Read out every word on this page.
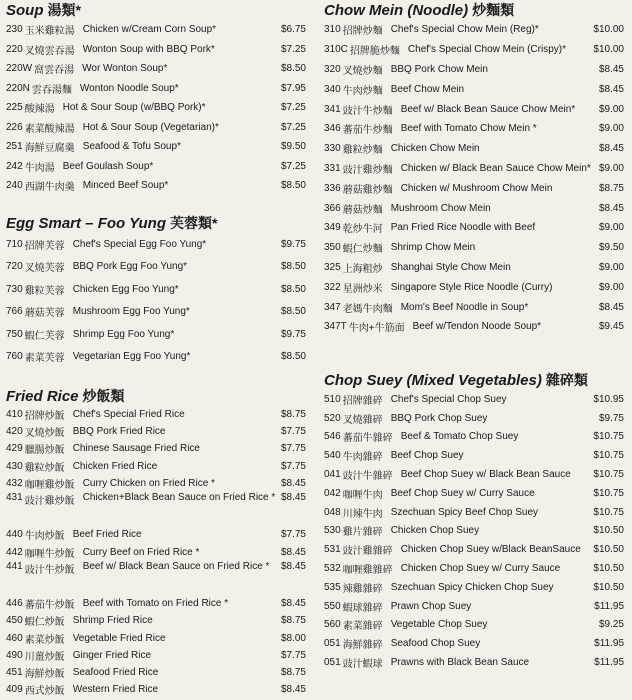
Soup 湯類*
230 玉米雞粒湯 Chicken w/Cream Corn Soup*	$6.75
220 叉燒雲吞湯 Wonton Soup with BBQ Pork*	$7.25
220W 窩雲吞湯 Wor Wonton Soup*	$8.50
220N 雲吞湯麵 Wonton Noodle Soup*	$7.95
225 酸辣湯 Hot & Sour Soup (w/BBQ Pork)*	$7.25
226 素菜酸辣湯 Hot & Sour Soup (Vegetarian)*	$7.25
251 海鮮豆腐羹 Seafood & Tofu Soup*	$9.50
242 牛肉湯 Beef Goulash Soup*	$7.25
240 西湖牛肉羹 Minced Beef Soup*	$8.50
Egg Smart – Foo Yung 芙蓉類*
710 招牌芙蓉 Chef's Special Egg Foo Yung*	$9.75
720 叉燒芙蓉 BBQ Pork Egg Foo Yung*	$8.50
730 雞粒芙蓉 Chicken Egg Foo Yung*	$8.50
766 蘑菇芙蓉 Mushroom Egg Foo Yung*	$8.50
750 蝦仁芙蓉 Shrimp Egg Foo Yung*	$9.75
760 素菜芙蓉 Vegetarian Egg Foo Yung*	$8.50
Fried Rice 炒飯類
410 招牌炒飯 Chef's Special Fried Rice	$8.75
420 叉燒炒飯 BBQ Pork Fried Rice	$7.75
429 臘腸炒飯 Chinese Sausage Fried Rice	$7.75
430 雞粒炒飯 Chicken Fried Rice	$7.75
432 咖喱雞炒飯 Curry Chicken on Fried Rice *	$8.45
431 豉汁雞炒飯 Chicken+Black Bean Sauce on Fried Rice * $8.45
440 牛肉炒飯 Beef Fried Rice	$7.75
442 咖喱牛炒飯 Curry Beef on Fried Rice *	$8.45
441 豉汁牛炒飯 Beef w/ Black Bean Sauce on Fried Rice *	$8.45
446 蕃茄牛炒飯 Beef with Tomato on Fried Rice *	$8.45
450 蝦仁炒飯 Shrimp Fried Rice	$8.75
460 素菜炒飯 Vegetable Fried Rice	$8.00
490 川薑炒飯 Ginger Fried Rice	$7.75
451 海鮮炒飯 Seafood Fried Rice	$8.75
409 西式炒飯 Western Fried Rice	$8.45
Chow Mein (Noodle) 炒麵類
310 招牌炒麵 Chef's Special Chow Mein (Reg)*	$10.00
310C 招牌脆炒麵 Chef's Special Chow Mein (Crispy)*	$10.00
320 叉燒炒麵 BBQ Pork Chow Mein	$8.45
340 牛肉炒麵 Beef Chow Mein	$8.45
341 豉汁牛炒麵 Beef w/ Black Bean Sauce Chow Mein*	$9.00
346 蕃茄牛炒麵 Beef with Tomato Chow Mein *	$9.00
330 雞粒炒麵 Chicken Chow Mein	$8.45
331 豉汁雞炒麵 Chicken w/ Black Bean Sauce Chow Mein* $9.00
336 蘑菇雞炒麵 Chicken w/ Mushroom Chow Mein	$8.75
366 蘑菇炒麵 Mushroom Chow Mein	$8.45
349 乾炒牛河 Pan Fried Rice Noodle with Beef	$9.00
350 蝦仁炒麵 Shrimp Chow Mein	$9.50
325 上海粗炒 Shanghai Style Chow Mein	$9.00
322 星洲炒米 Singapore Style Rice Noodle (Curry)	$9.00
347 老媽牛肉麵 Mom's Beef Noodle in Soup*	$8.45
347T 牛肉+牛筋面 Beef w/Tendon Noode Soup*	$9.45
Chop Suey (Mixed Vegetables) 雜碎類
510 招牌雜碎 Chef's Special Chop Suey	$10.95
520 叉燒雜碎 BBQ Pork Chop Suey	$9.75
546 蕃茄牛雜碎 Beef & Tomato Chop Suey	$10.75
540 牛肉雜碎 Beef Chop Suey	$10.75
041 豉汁牛雜碎 Beef Chop Suey w/ Black Bean Sauce	$10.75
042 咖喱牛肉 Beef Chop Suey w/ Curry Sauce	$10.75
048 川辣牛肉 Szechuan Spicy Beef Chop Suey	$10.75
530 雞片雜碎 Chicken Chop Suey	$10.50
531 豉汁雞雜碎 Chicken Chop Suey w/Black BeanSauce	$10.50
532 咖喱雞雜碎 Chicken Chop Suey w/ Curry Sauce	$10.50
535 辣雞雜碎 Szechuan Spicy Chicken Chop Suey	$10.50
550 蝦球雜碎 Prawn Chop Suey	$11.95
560 素菜雜碎 Vegetable Chop Suey	$9.25
051 海鮮雜碎 Seafood Chop Suey	$11.95
051 豉汁蝦球 Prawns with Black Bean Sauce	$11.95
